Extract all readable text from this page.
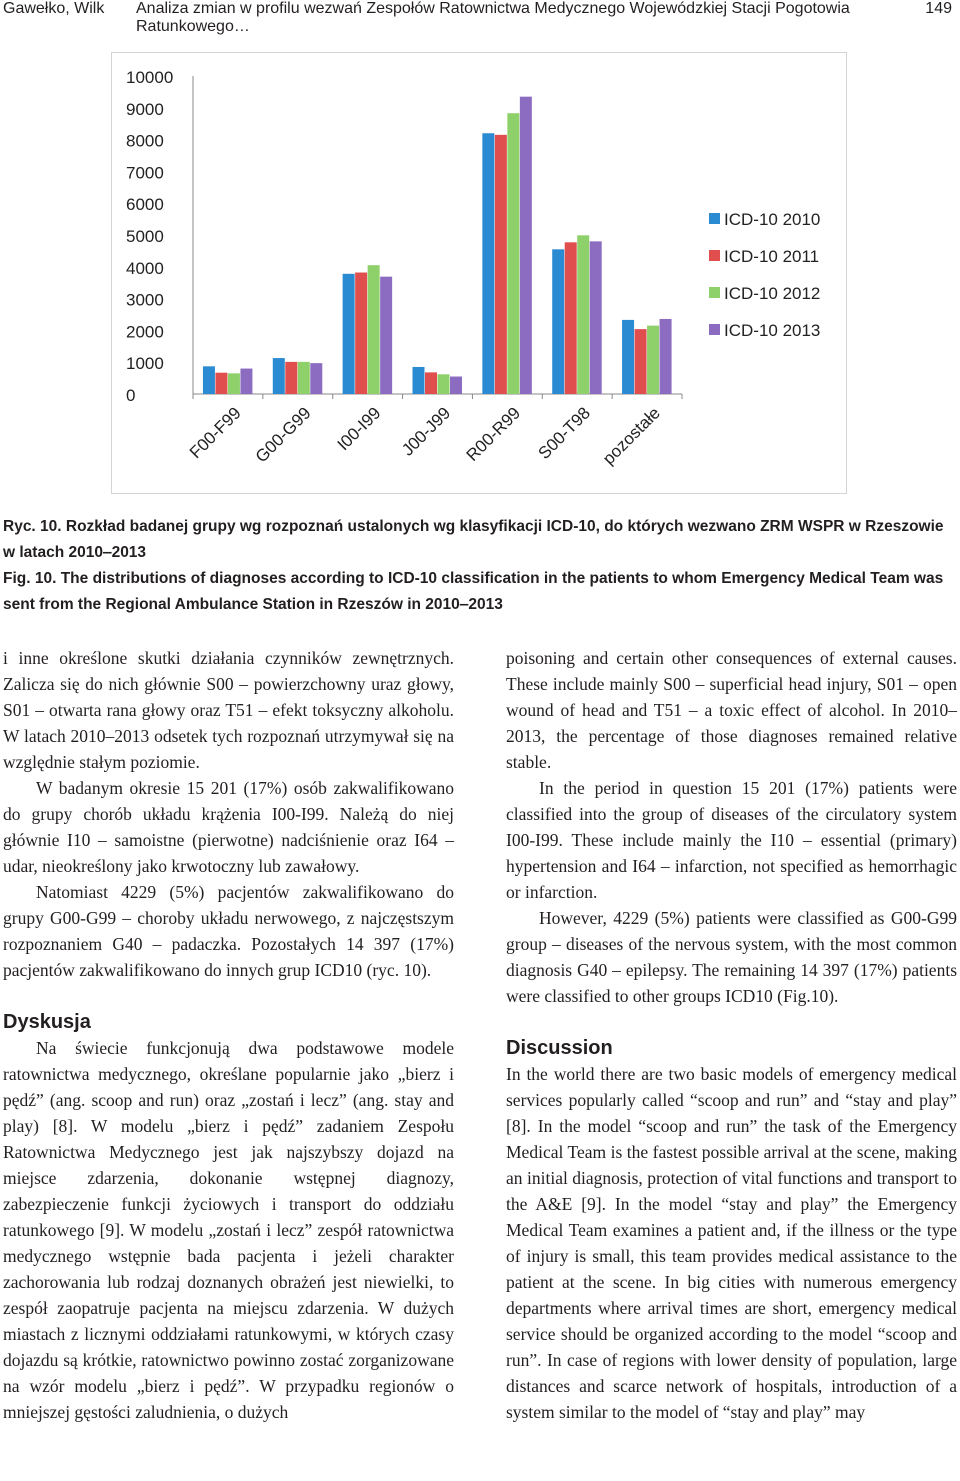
Gawełko, Wilk Analiza zmian w profilu wezwań Zespołów Ratownictwa Medycznego Wojewódzkiej Stacji Pogotowia Ratunkowego…
149
10000
9000
8000
7000
6000
5000
4000
3000
2000
1000
0
F00-F99 G00-G99 I00-I99 J00-J99 R00-R99 S00-T98 pozostałe
ICD-10 2010
ICD-10 2011
ICD-10 2012
ICD-10 2013

Ryc. 10. Rozkład badanej grupy wg rozpoznań ustalonych wg klasyfikacji ICD-10, do których wezwano ZRM WSPR w Rzeszowie w latach 2010‒2013

Fig. 10. The distributions of diagnoses according to ICD-10 classification in the patients to whom Emergency Medical Team was sent from the Regional Ambulance Station in Rzeszów in 2010‒2013

i inne określone skutki działania czynników zewnętrznych. Zalicza się do nich głównie S00 – powierzchowny uraz głowy, S01 – otwarta rana głowy oraz T51 – efekt toksyczny alkoholu. W latach 2010‒2013 odsetek tych rozpoznań utrzymywał się na względnie stałym poziomie.

W badanym okresie 15 201 (17%) osób zakwalifikowano do grupy chorób układu krążenia I00-I99. Należą do niej głównie I10 – samoistne (pierwotne) nadciśnienie oraz I64 – udar, nieokreślony jako krwotoczny lub zawałowy.

Natomiast 4229 (5%) pacjentów zakwalifikowano do grupy G00-G99 – choroby układu nerwowego, z najczęstszym rozpoznaniem G40 – padaczka. Pozostałych 14 397 (17%) pacjentów zakwalifikowano do innych grup ICD10 (ryc. 10).

Dyskusja

Na świecie funkcjonują dwa podstawowe modele ratownictwa medycznego, określane popularnie jako „bierz i pędź” (ang. scoop and run) oraz „zostań i lecz” (ang. stay and play) [8]. W modelu „bierz i pędź” zadaniem Zespołu Ratownictwa Medycznego jest jak najszybszy dojazd na miejsce zdarzenia, dokonanie wstępnej diagnozy, zabezpieczenie funkcji życiowych i transport do oddziału ratunkowego [9]. W modelu „zostań i lecz” zespół ratownictwa medycznego wstępnie bada pacjenta i jeżeli charakter zachorowania lub rodzaj doznanych obrażeń jest niewielki, to zespół zaopatruje pacjenta na miejscu zdarzenia. W dużych miastach z licznymi oddziałami ratunkowymi, w których czasy dojazdu są krótkie, ratownictwo powinno zostać zorganizowane na wzór modelu „bierz i pędź”. W przypadku regionów o mniejszej gęstości zaludnienia, o dużych

poisoning and certain other consequences of external causes. These include mainly S00 – superficial head injury, S01 – open wound of head and T51 – a toxic effect of alcohol. In 2010‒2013, the percentage of those diagnoses remained relative stable.

In the period in question 15 201 (17%) patients were classified into the group of diseases of the circulatory system I00-I99. These include mainly the I10 – essential (primary) hypertension and I64 – infarction, not specified as hemorrhagic or infarction.

However, 4229 (5%) patients were classified as G00-G99 group – diseases of the nervous system, with the most common diagnosis G40 – epilepsy. The remaining 14 397 (17%) patients were classified to other groups ICD10 (Fig.10).

Discussion

In the world there are two basic models of emergency medical services popularly called “scoop and run” and “stay and play” [8]. In the model “scoop and run” the task of the Emergency Medical Team is the fastest possible arrival at the scene, making an initial diagnosis, protection of vital functions and transport to the A&E [9]. In the model “stay and play” the Emergency Medical Team examines a patient and, if the illness or the type of injury is small, this team provides medical assistance to the patient at the scene. In big cities with numerous emergency departments where arrival times are short, emergency medical service should be organized according to the model “scoop and run”. In case of regions with lower density of population, large distances and scarce network of hospitals, introduction of a system similar to the model of “stay and play” may
